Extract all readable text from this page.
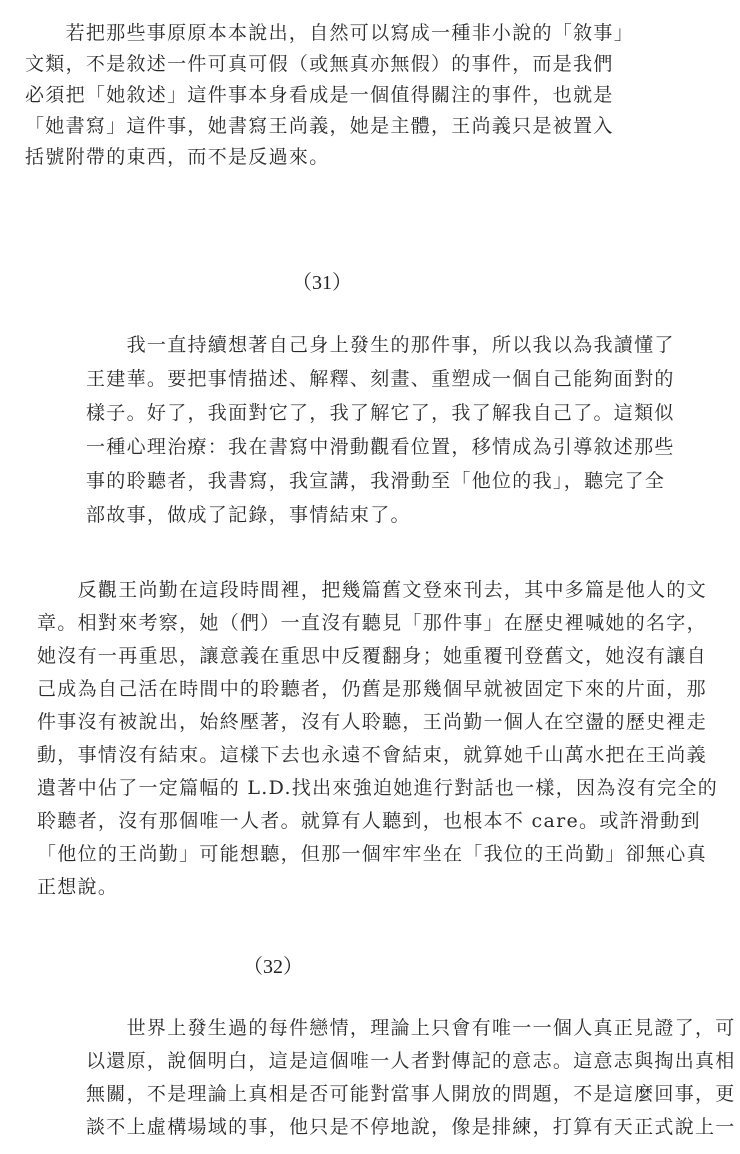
　　若把那些事原原本本說出，自然可以寫成一種非小說的「敘事」
文類，不是敘述一件可真可假（或無真亦無假）的事件，而是我們
必須把「她敘述」這件事本身看成是一個值得關注的事件，也就是
「她書寫」這件事，她書寫王尚義，她是主體，王尚義只是被置入
括號附帶的東西，而不是反過來。
（31）
　　我一直持續想著自己身上發生的那件事，所以我以為我讀懂了
王建華。要把事情描述、解釋、刻畫、重塑成一個自己能夠面對的
樣子。好了，我面對它了，我了解它了，我了解我自己了。這類似
一種心理治療：我在書寫中滑動觀看位置，移情成為引導敘述那些
事的聆聽者，我書寫，我宣講，我滑動至「他位的我」，聽完了全
部故事，做成了記錄，事情結束了。
　　反觀王尚勤在這段時間裡，把幾篇舊文登來刊去，其中多篇是他人的文
章。相對來考察，她（們）一直沒有聽見「那件事」在歷史裡喊她的名字，
她沒有一再重思，讓意義在重思中反覆翻身；她重覆刊登舊文，她沒有讓自
己成為自己活在時間中的聆聽者，仍舊是那幾個早就被固定下來的片面，那
件事沒有被說出，始終壓著，沒有人聆聽，王尚勤一個人在空盪的歷史裡走
動，事情沒有結束。這樣下去也永遠不會結束，就算她千山萬水把在王尚義
遺著中佔了一定篇幅的 L.D.找出來強迫她進行對話也一樣，因為沒有完全的
聆聽者，沒有那個唯一人者。就算有人聽到，也根本不 care。或許滑動到
「他位的王尚勤」可能想聽，但那一個牢牢坐在「我位的王尚勤」卻無心真
正想說。
（32）
　　世界上發生過的每件戀情，理論上只會有唯一一個人真正見證了，可
以還原，說個明白，這是這個唯一人者對傳記的意志。這意志與掏出真相
無關，不是理論上真相是否可能對當事人開放的問題，不是這麼回事，更
談不上虛構場域的事，他只是不停地說，像是排練，打算有天正式說上一
